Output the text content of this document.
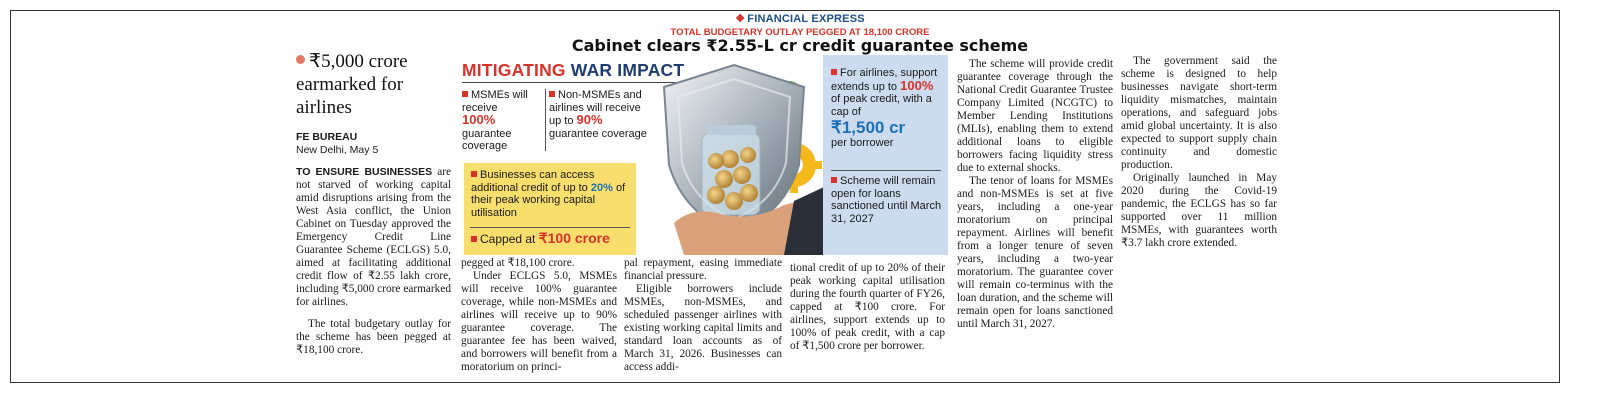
❖ FINANCIAL EXPRESS
TOTAL BUDGETARY OUTLAY PEGGED AT 18,100 CRORE
Cabinet clears ₹2.55-L cr credit guarantee scheme
₹5,000 crore earmarked for airlines
FE BUREAU
New Delhi, May 5

TO ENSURE BUSINESSES are not starved of working capital amid disruptions arising from the West Asia conflict, the Union Cabinet on Tuesday approved the Emergency Credit Line Guarantee Scheme (ECLGS) 5.0, aimed at facilitating additional credit flow of ₹2.55 lakh crore, including ₹5,000 crore earmarked for airlines.

The total budgetary outlay for the scheme has been pegged at ₹18,100 crore.

MITIGATING WAR IMPACT
MSMEs will receive
100%
guarantee coverage
Non-MSMEs and airlines will receive up to 90% guarantee coverage
Businesses can access additional credit of up to 20% of their peak working capital utilisation
Capped at ₹100 crore
For airlines, support extends up to 100% of peak credit, with a cap of
₹1,500 cr
per borrower
Scheme will remain open for loans sanctioned until March 31, 2027

pegged at ₹18,100 crore.

Under ECLGS 5.0, MSMEs will receive 100% guarantee coverage, while non-MSMEs and airlines will receive up to 90% guarantee coverage. The guarantee fee has been waived, and borrowers will benefit from a moratorium on princi-

pal repayment, easing immediate financial pressure.

Eligible borrowers include MSMEs, non-MSMEs, and scheduled passenger airlines with existing working capital limits and standard loan accounts as of March 31, 2026. Businesses can access addi-

tional credit of up to 20% of their peak working capital utilisation during the fourth quarter of FY26, capped at ₹100 crore. For airlines, support extends up to 100% of peak credit, with a cap of ₹1,500 crore per borrower.

The scheme will provide credit guarantee coverage through the National Credit Guarantee Trustee Company Limited (NCGTC) to Member Lending Institutions (MLIs), enabling them to extend additional loans to eligible borrowers facing liquidity stress due to external shocks.

The tenor of loans for MSMEs and non-MSMEs is set at five years, including a one-year moratorium on principal repayment. Airlines will benefit from a longer tenure of seven years, including a two-year moratorium. The guarantee cover will remain co-terminus with the loan duration, and the scheme will remain open for loans sanctioned until March 31, 2027.

The government said the scheme is designed to help businesses navigate short-term liquidity mismatches, maintain operations, and safeguard jobs amid global uncertainty. It is also expected to support supply chain continuity and domestic production.

Originally launched in May 2020 during the Covid-19 pandemic, the ECLGS has so far supported over 11 million MSMEs, with guarantees worth ₹3.7 lakh crore extended.
